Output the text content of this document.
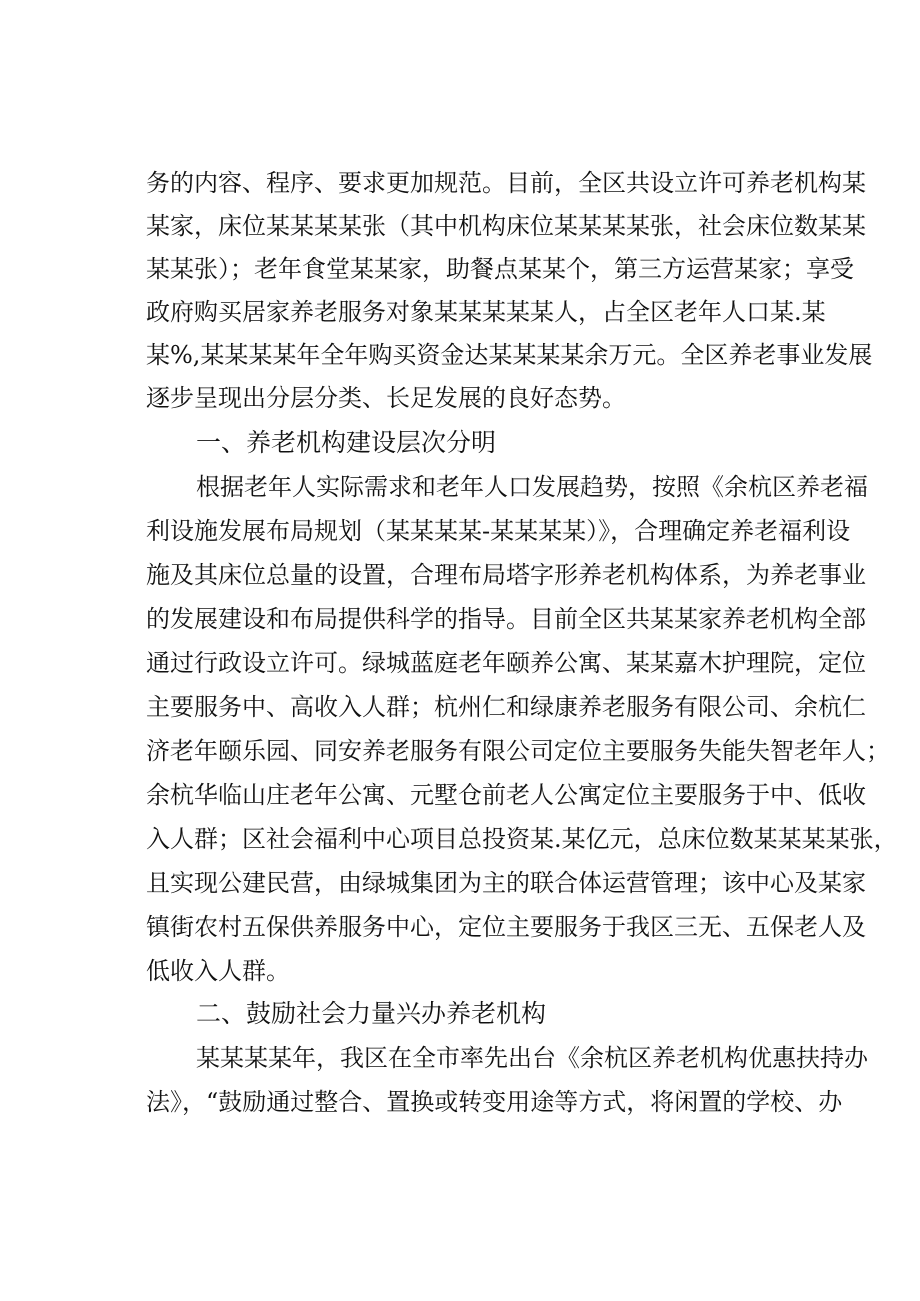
务的内容、程序、要求更加规范。目前，全区共设立许可养老机构某
某家，床位某某某某张（其中机构床位某某某某张，社会床位数某某
某某张）；老年食堂某某家，助餐点某某个，第三方运营某家；享受
政府购买居家养老服务对象某某某某某人，占全区老年人口某.某
某%,某某某某年全年购买资金达某某某某余万元。全区养老事业发展
逐步呈现出分层分类、长足发展的良好态势。
一、养老机构建设层次分明
根据老年人实际需求和老年人口发展趋势，按照《余杭区养老福
利设施发展布局规划（某某某某-某某某某）》，合理确定养老福利设
施及其床位总量的设置，合理布局塔字形养老机构体系，为养老事业
的发展建设和布局提供科学的指导。目前全区共某某家养老机构全部
通过行政设立许可。绿城蓝庭老年颐养公寓、某某嘉木护理院，定位
主要服务中、高收入人群；杭州仁和绿康养老服务有限公司、余杭仁
济老年颐乐园、同安养老服务有限公司定位主要服务失能失智老年人；
余杭华临山庄老年公寓、元墅仓前老人公寓定位主要服务于中、低收
入人群；区社会福利中心项目总投资某.某亿元，总床位数某某某某张，
且实现公建民营，由绿城集团为主的联合体运营管理；该中心及某家
镇街农村五保供养服务中心，定位主要服务于我区三无、五保老人及
低收入人群。
二、鼓励社会力量兴办养老机构
某某某某年，我区在全市率先出台《余杭区养老机构优惠扶持办
法》，“鼓励通过整合、置换或转变用途等方式，将闲置的学校、办
